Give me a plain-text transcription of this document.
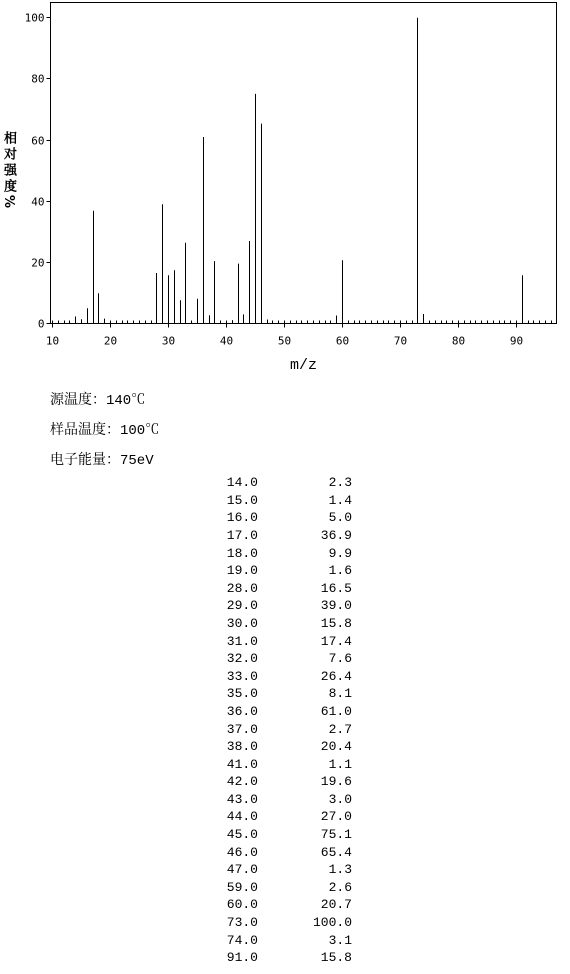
10	20	30	40	50	60	70	80	90
0
20
40
60
80
100
m/z
相对强度%
源温度：140℃
样品温度：100℃
电子能量：75eV
14.0	2.3
15.0	1.4
16.0	5.0
17.0	36.9
18.0	9.9
19.0	1.6
28.0	16.5
29.0	39.0
30.0	15.8
31.0	17.4
32.0	7.6
33.0	26.4
35.0	8.1
36.0	61.0
37.0	2.7
38.0	20.4
41.0	1.1
42.0	19.6
43.0	3.0
44.0	27.0
45.0	75.1
46.0	65.4
47.0	1.3
59.0	2.6
60.0	20.7
73.0	100.0
74.0	3.1
91.0	15.8
